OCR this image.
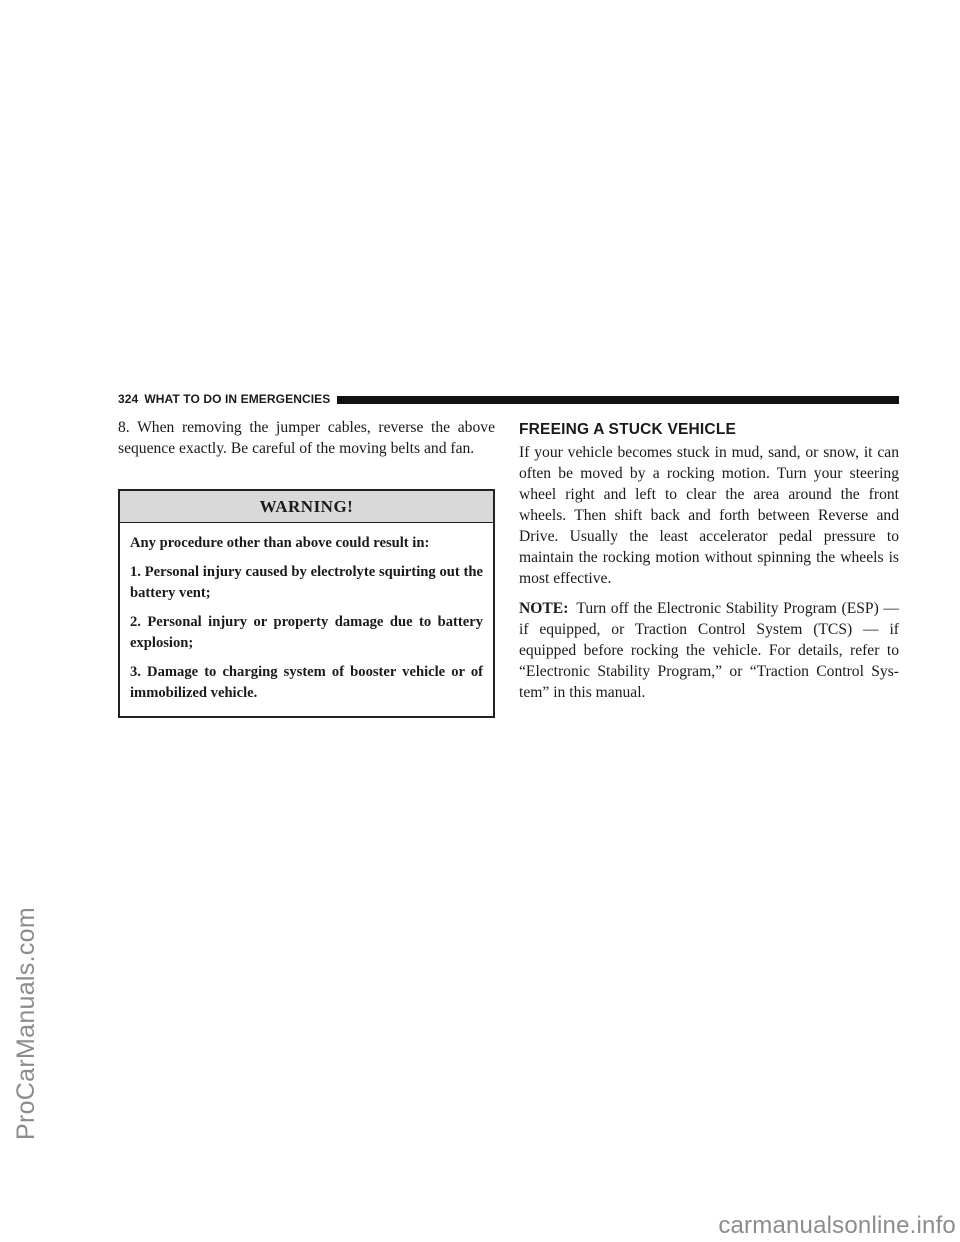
324 WHAT TO DO IN EMERGENCIES

8. When removing the jumper cables, reverse the above sequence exactly. Be careful of the moving belts and fan.

WARNING!

Any procedure other than above could result in:

1. Personal injury caused by electrolyte squirting out the battery vent;

2. Personal injury or property damage due to battery explosion;

3. Damage to charging system of booster vehicle or of immobilized vehicle.

FREEING A STUCK VEHICLE

If your vehicle becomes stuck in mud, sand, or snow, it can often be moved by a rocking motion. Turn your steering wheel right and left to clear the area around the front wheels. Then shift back and forth between Reverse and Drive. Usually the least accelerator pedal pressure to maintain the rocking motion without spinning the wheels is most effective.

NOTE: Turn off the Electronic Stability Program (ESP) — if equipped, or Traction Control System (TCS) — if equipped before rocking the vehicle. For details, refer to “Electronic Stability Program,” or “Traction Control Sys-tem” in this manual.

ProCarManuals.com
carmanualsonline.info
